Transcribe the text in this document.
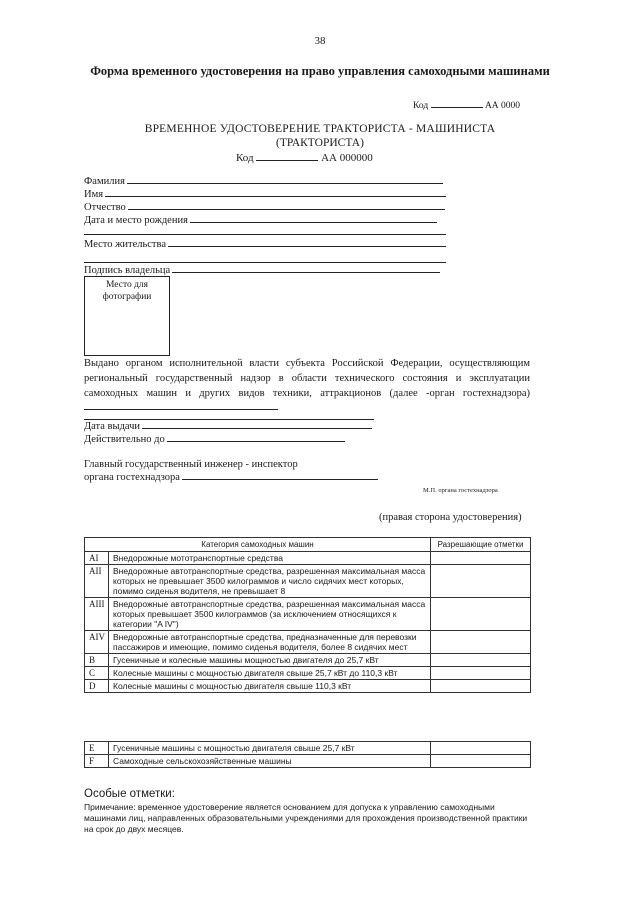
38
Форма временного удостоверения на право управления самоходными машинами
Код	АА 0000
ВРЕМЕННОЕ УДОСТОВЕРЕНИЕ ТРАКТОРИСТА - МАШИНИСТА
(ТРАКТОРИСТА)
Код	АА 000000
Фамилия
Имя
Отчество
Дата и место рождения
Место жительства
Подпись владельца
Место для фотографии
Выдано органом исполнительной власти субъекта Российской Федерации, осуществляющим
региональный государственный надзор в области технического состояния и эксплуатации
самоходных машин и других видов техники, аттракционов (далее -орган гостехнадзора)
Дата выдачи
Действительно до
Главный государственный инженер - инспектор
органа гостехнадзора
М.П. органа гостехнадзора
(правая сторона удостоверения)
Категория самоходных машин		Разрешающие отметки
AI	Внедорожные мототранспортные средства	
AII	Внедорожные автотранспортные средства, разрешенная максимальная масса которых не превышает 3500 килограммов и число сидячих мест которых, помимо сиденья водителя, не превышает 8	
AIII	Внедорожные автотранспортные средства, разрешенная максимальная масса которых превышает 3500 килограммов (за исключением относящихся к категории "A IV")	
AIV	Внедорожные автотранспортные средства, предназначенные для перевозки пассажиров и имеющие, помимо сиденья водителя, более 8 сидячих мест	
B	Гусеничные и колесные машины мощностью двигателя до 25,7 кВт	
C	Колесные машины с мощностью двигателя свыше 25,7 кВт до 110,3 кВт	
D	Колесные машины с мощностью двигателя свыше 110,3 кВт	
E	Гусеничные машины с мощностью двигателя свыше 25,7 кВт	
F	Самоходные сельскохозяйственные машины	
Особые отметки:
Примечание: временное удостоверение является основанием для допуска к управлению самоходными машинами лиц, направленных образовательными учреждениями для прохождения производственной практики на срок до двух месяцев.
